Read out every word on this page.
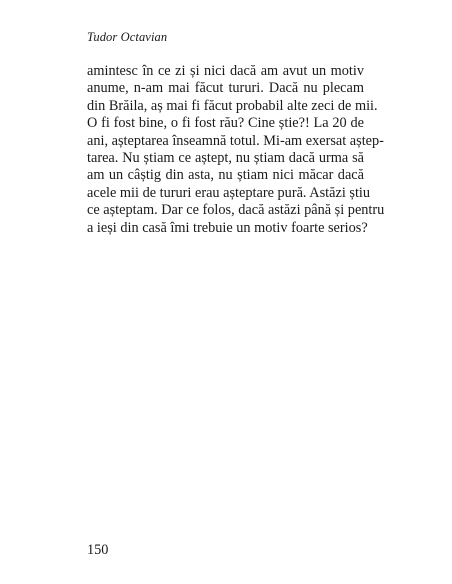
Tudor Octavian
amintesc în ce zi și nici dacă am avut un motiv
anume, n-am mai făcut tururi. Dacă nu plecam
din Brăila, aș mai fi făcut probabil alte zeci de mii.
O fi fost bine, o fi fost rău? Cine știe?! La 20 de
ani, așteptarea înseamnă totul. Mi-am exersat aștep-
tarea. Nu știam ce aștept, nu știam dacă urma să
am un câștig din asta, nu știam nici măcar dacă
acele mii de tururi erau așteptare pură. Astăzi știu
ce așteptam. Dar ce folos, dacă astăzi până și pentru
a ieși din casă îmi trebuie un motiv foarte serios?
150
